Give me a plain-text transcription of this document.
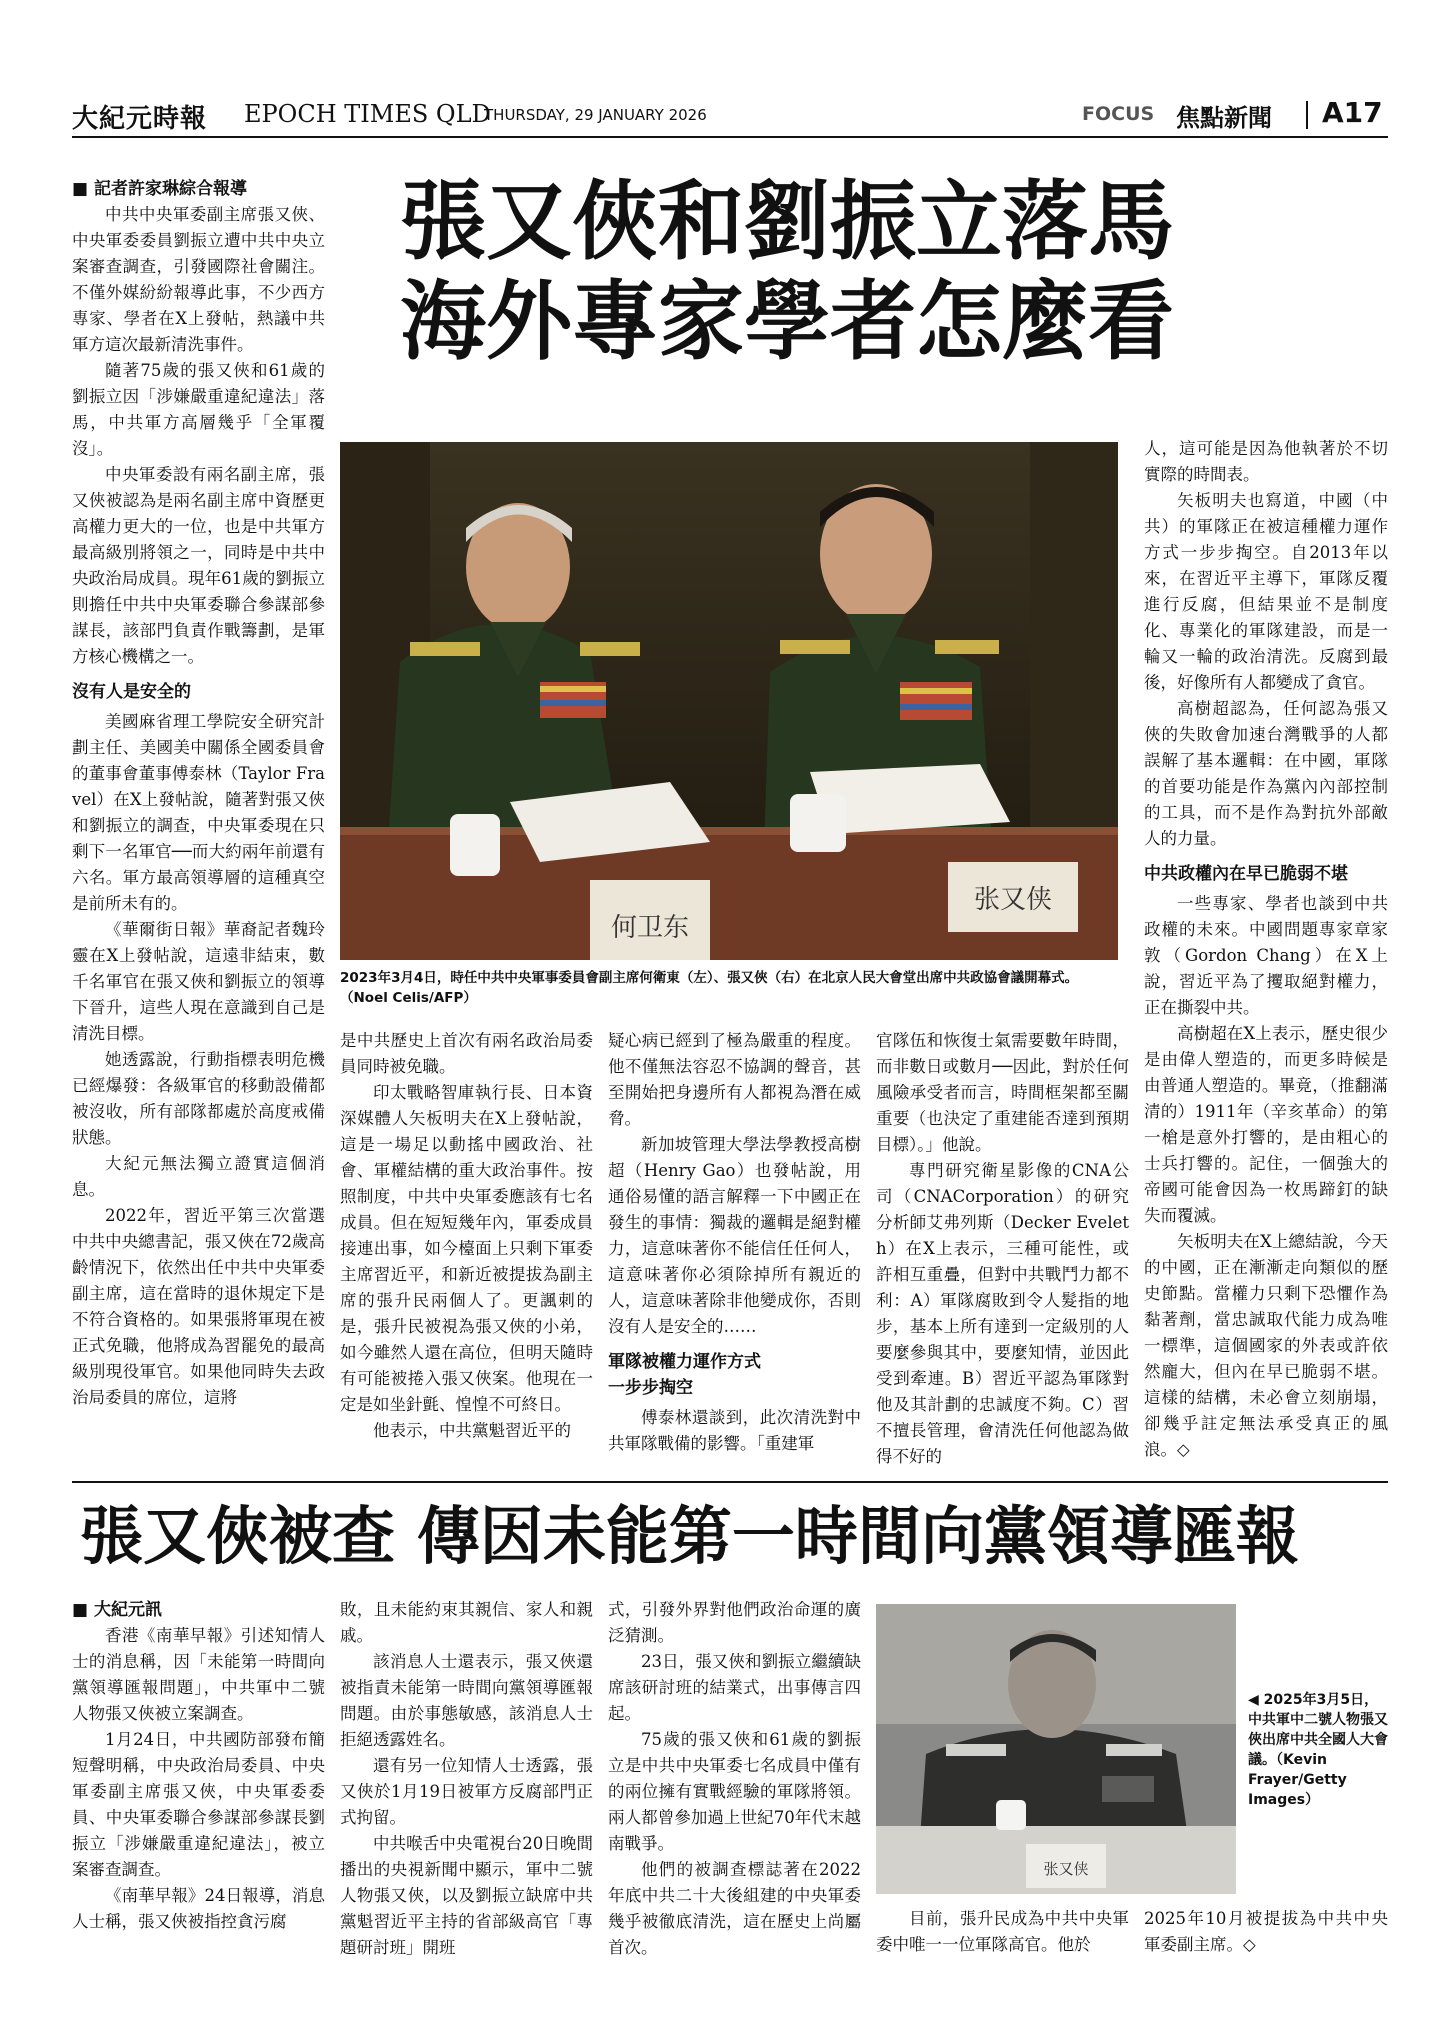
大紀元時報 EPOCH TIMES QLD
THURSDAY, 29 JANUARY 2026	FOCUS 焦點新聞 A17
張又俠和劉振立落馬
海外專家學者怎麼看
■ 記者許家琳綜合報導

中共中央軍委副主席張又俠、中央軍委委員劉振立遭中共中央立案審查調查，引發國際社會關注。不僅外媒紛紛報導此事，不少西方專家、學者在X上發帖，熱議中共軍方這次最新清洗事件。

隨著75歲的張又俠和61歲的劉振立因「涉嫌嚴重違紀違法」落馬，中共軍方高層幾乎「全軍覆沒」。

中央軍委設有兩名副主席，張又俠被認為是兩名副主席中資歷更高權力更大的一位，也是中共軍方最高級別將領之一，同時是中共中央政治局成員。現年61歲的劉振立則擔任中共中央軍委聯合參謀部參謀長，該部門負責作戰籌劃，是軍方核心機構之一。

沒有人是安全的

美國麻省理工學院安全研究計劃主任、美國美中關係全國委員會的董事會董事傅泰林（Taylor Fravel）在X上發帖說，隨著對張又俠和劉振立的調查，中央軍委現在只剩下一名軍官──而大約兩年前還有六名。軍方最高領導層的這種真空是前所未有的。

《華爾街日報》華裔記者魏玲靈在X上發帖說，這遠非結束，數千名軍官在張又俠和劉振立的領導下晉升，這些人現在意識到自己是清洗目標。

她透露說，行動指標表明危機已經爆發：各級軍官的移動設備都被沒收，所有部隊都處於高度戒備狀態。

大紀元無法獨立證實這個消息。

2022年，習近平第三次當選中共中央總書記，張又俠在72歲高齡情況下，依然出任中共中央軍委副主席，這在當時的退休規定下是不符合資格的。如果張將軍現在被正式免職，他將成為習罷免的最高級別現役軍官。如果他同時失去政治局委員的席位，這將

何卫东
张又侠
2023年3月4日，時任中共中央軍事委員會副主席何衛東（左）、張又俠（右）在北京人民大會堂出席中共政協會議開幕式。（Noel Celis/AFP）

是中共歷史上首次有兩名政治局委員同時被免職。

印太戰略智庫執行長、日本資深媒體人矢板明夫在X上發帖說，這是一場足以動搖中國政治、社會、軍權結構的重大政治事件。按照制度，中共中央軍委應該有七名成員。但在短短幾年內，軍委成員接連出事，如今檯面上只剩下軍委主席習近平，和新近被提拔為副主席的張升民兩個人了。更諷刺的是，張升民被視為張又俠的小弟，如今雖然人還在高位，但明天隨時有可能被捲入張又俠案。他現在一定是如坐針氈、惶惶不可終日。

他表示，中共黨魁習近平的

疑心病已經到了極為嚴重的程度。他不僅無法容忍不協調的聲音，甚至開始把身邊所有人都視為潛在威脅。

新加坡管理大學法學教授高樹超（Henry Gao）也發帖說，用通俗易懂的語言解釋一下中國正在發生的事情：獨裁的邏輯是絕對權力，這意味著你不能信任任何人，這意味著你必須除掉所有親近的人，這意味著除非他變成你，否則沒有人是安全的……

軍隊被權力運作方式
一步步掏空

傅泰林還談到，此次清洗對中共軍隊戰備的影響。「重建軍

官隊伍和恢復士氣需要數年時間，而非數日或數月──因此，對於任何風險承受者而言，時間框架都至關重要（也決定了重建能否達到預期目標）。」他說。

專門研究衛星影像的CNA公司（CNACorporation）的研究分析師艾弗列斯（Decker Eveleth）在X上表示，三種可能性，或許相互重疊，但對中共戰鬥力都不利：A）軍隊腐敗到令人髮指的地步，基本上所有達到一定級別的人要麼參與其中，要麼知情，並因此受到牽連。B）習近平認為軍隊對他及其計劃的忠誠度不夠。C）習不擅長管理，會清洗任何他認為做得不好的

人，這可能是因為他執著於不切實際的時間表。

矢板明夫也寫道，中國（中共）的軍隊正在被這種權力運作方式一步步掏空。自2013年以來，在習近平主導下，軍隊反覆進行反腐，但結果並不是制度化、專業化的軍隊建設，而是一輪又一輪的政治清洗。反腐到最後，好像所有人都變成了貪官。

高樹超認為，任何認為張又俠的失敗會加速台灣戰爭的人都誤解了基本邏輯：在中國，軍隊的首要功能是作為黨內內部控制的工具，而不是作為對抗外部敵人的力量。

中共政權內在早已脆弱不堪

一些專家、學者也談到中共政權的未來。中國問題專家章家敦（Gordon Chang）在X上說，習近平為了攫取絕對權力，正在撕裂中共。

高樹超在X上表示，歷史很少是由偉人塑造的，而更多時候是由普通人塑造的。畢竟，（推翻滿清的）1911年（辛亥革命）的第一槍是意外打響的，是由粗心的士兵打響的。記住，一個強大的帝國可能會因為一枚馬蹄釘的缺失而覆滅。

矢板明夫在X上總結說，今天的中國，正在漸漸走向類似的歷史節點。當權力只剩下恐懼作為黏著劑，當忠誠取代能力成為唯一標準，這個國家的外表或許依然龐大，但內在早已脆弱不堪。這樣的結構，未必會立刻崩塌，卻幾乎註定無法承受真正的風浪。◇

張又俠被查 傳因未能第一時間向黨領導匯報
■ 大紀元訊

香港《南華早報》引述知情人士的消息稱，因「未能第一時間向黨領導匯報問題」，中共軍中二號人物張又俠被立案調查。

1月24日，中共國防部發布簡短聲明稱，中央政治局委員、中央軍委副主席張又俠，中央軍委委員、中央軍委聯合參謀部參謀長劉振立「涉嫌嚴重違紀違法」，被立案審查調查。

《南華早報》24日報導，消息人士稱，張又俠被指控貪污腐

敗，且未能約束其親信、家人和親戚。

該消息人士還表示，張又俠還被指責未能第一時間向黨領導匯報問題。由於事態敏感，該消息人士拒絕透露姓名。

還有另一位知情人士透露，張又俠於1月19日被軍方反腐部門正式拘留。

中共喉舌中央電視台20日晚間播出的央視新聞中顯示，軍中二號人物張又俠，以及劉振立缺席中共黨魁習近平主持的省部級高官「專題研討班」開班

式，引發外界對他們政治命運的廣泛猜測。

23日，張又俠和劉振立繼續缺席該研討班的結業式，出事傳言四起。

75歲的張又俠和61歲的劉振立是中共中央軍委七名成員中僅有的兩位擁有實戰經驗的軍隊將領。兩人都曾參加過上世紀70年代末越南戰爭。

他們的被調查標誌著在2022年底中共二十大後組建的中央軍委幾乎被徹底清洗，這在歷史上尚屬首次。

张又侠
◀ 2025年3月5日，中共軍中二號人物張又俠出席中共全國人大會議。（Kevin Frayer/Getty Images）

目前，張升民成為中共中央軍委中唯一一位軍隊高官。他於

2025年10月被提拔為中共中央軍委副主席。◇
